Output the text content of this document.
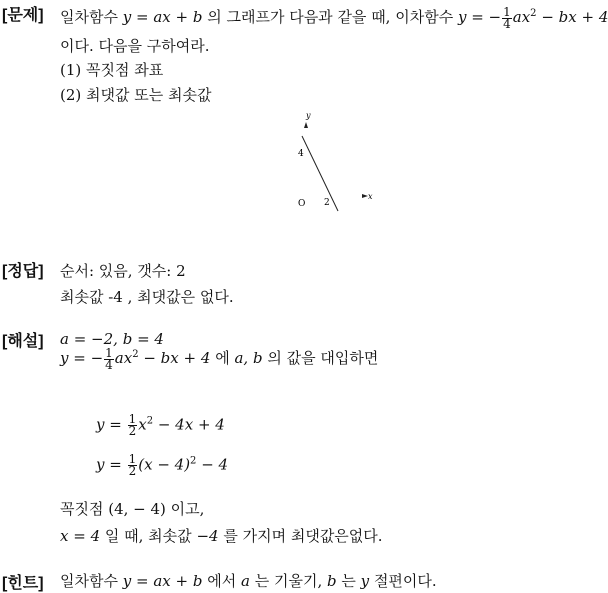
[문제] 일차함수 y = ax + b 의 그래프가 다음과 같을 때, 이차함수 y = − $\frac{1}{4} ax^2$ − bx + 4
이다. 다음을 구하여라.
(1) 꼭짓점 좌표
(2) 최댓값 또는 최솟값
y
x
O
4
2
[정답] 순서: 있음, 갯수: 2
최솟값 -4 , 최댓값은 없다.
[해설] a = −2, b = 4
y = − $\frac{1}{4} ax^2$ − bx + 4 에 a, b 의 값을 대입하면
$y = \frac{1}{2} x^2 - 4x + 4$
$y = \frac{1}{2} (x - 4)^2 - 4$
꼭짓점 (4, − 4) 이고,
x = 4 일 때, 최솟값 −4 를 가지며 최댓값은없다.
[힌트] 일차함수 y = ax + b 에서 a 는 기울기, b 는 y 절편이다.
